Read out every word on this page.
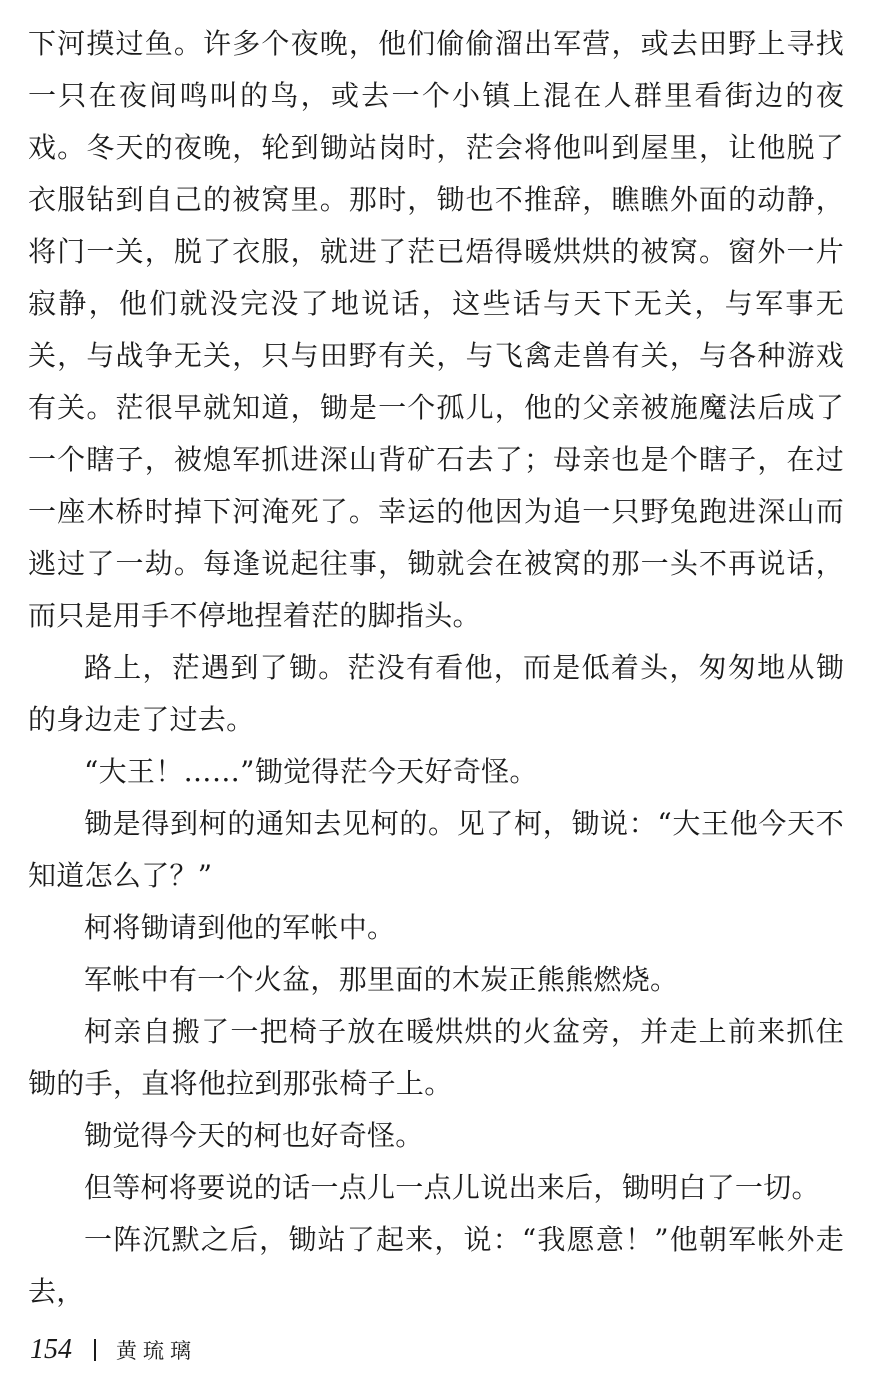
下河摸过鱼。许多个夜晚，他们偷偷溜出军营，或去田野上寻找一只在夜间鸣叫的鸟，或去一个小镇上混在人群里看街边的夜戏。冬天的夜晚，轮到锄站岗时，茫会将他叫到屋里，让他脱了衣服钻到自己的被窝里。那时，锄也不推辞，瞧瞧外面的动静，将门一关，脱了衣服，就进了茫已焐得暖烘烘的被窝。窗外一片寂静，他们就没完没了地说话，这些话与天下无关，与军事无关，与战争无关，只与田野有关，与飞禽走兽有关，与各种游戏有关。茫很早就知道，锄是一个孤儿，他的父亲被施魔法后成了一个瞎子，被熄军抓进深山背矿石去了；母亲也是个瞎子，在过一座木桥时掉下河淹死了。幸运的他因为追一只野兔跑进深山而逃过了一劫。每逢说起往事，锄就会在被窝的那一头不再说话，而只是用手不停地捏着茫的脚指头。

路上，茫遇到了锄。茫没有看他，而是低着头，匆匆地从锄的身边走了过去。

“大王！……”锄觉得茫今天好奇怪。

锄是得到柯的通知去见柯的。见了柯，锄说：“大王他今天不知道怎么了？”

柯将锄请到他的军帐中。

军帐中有一个火盆，那里面的木炭正熊熊燃烧。

柯亲自搬了一把椅子放在暖烘烘的火盆旁，并走上前来抓住锄的手，直将他拉到那张椅子上。

锄觉得今天的柯也好奇怪。

但等柯将要说的话一点儿一点儿说出来后，锄明白了一切。

一阵沉默之后，锄站了起来，说：“我愿意！”他朝军帐外走去，

154 黄琉璃
